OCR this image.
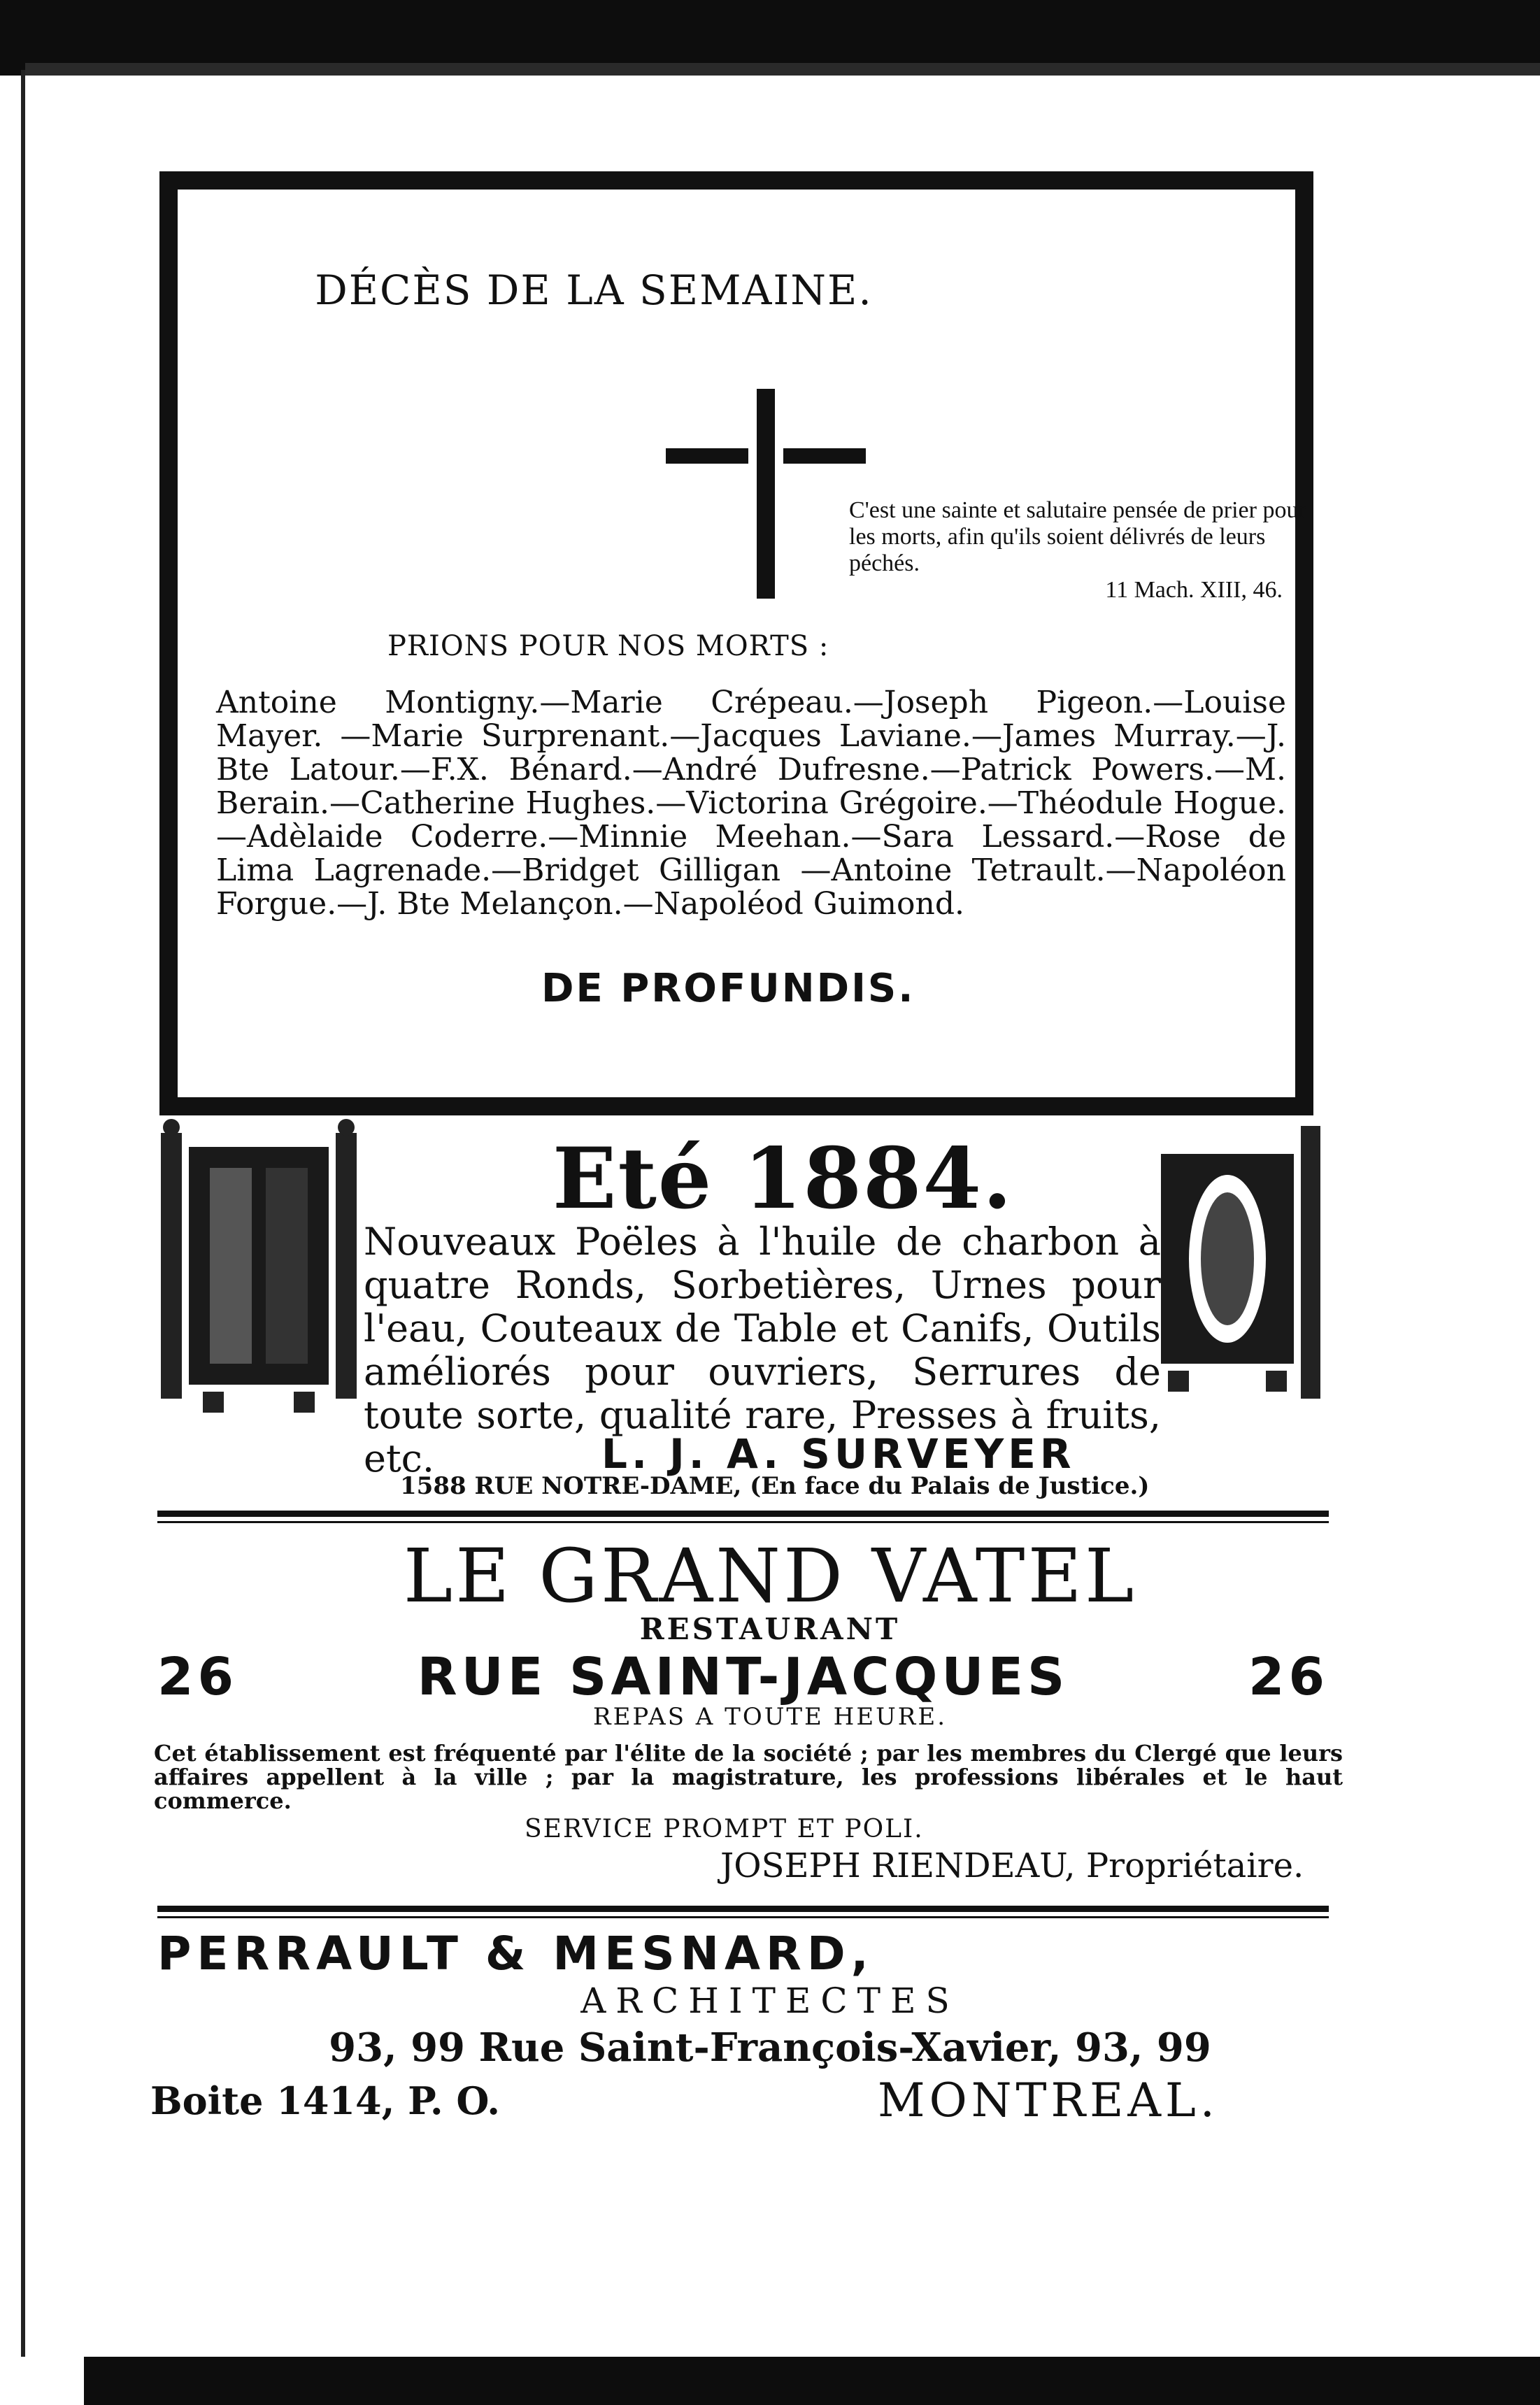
DÉCÈS DE LA SEMAINE.
C'est une sainte et salutaire pensée de prier pour les morts, afin qu'ils soient délivrés de leurs péchés.
11 Mach. XIII, 46.
PRIONS POUR NOS MORTS :
Antoine Montigny.—Marie Crépeau.—Joseph Pigeon.—Louise Mayer. —Marie Surprenant.—Jacques Laviane.—James Murray.—J. Bte Latour.—F.X. Bénard.—André Dufresne.—Patrick Powers.—M. Berain.—Catherine Hughes.—Victorina Grégoire.—Théodule Hogue.—Adèlaide Coderre.—Minnie Meehan.—Sara Lessard.—Rose de Lima Lagrenade.—Bridget Gilligan —Antoine Tetrault.—Napoléon Forgue.—J. Bte Melançon.—Napoléod Guimond.
DE PROFUNDIS.
Eté 1884.
Nouveaux Poëles à l'huile de charbon à quatre Ronds, Sorbetières, Urnes pour l'eau, Couteaux de Table et Canifs, Outils améliorés pour ouvriers, Serrures de toute sorte, qualité rare, Presses à fruits, etc.	L. J. A. SURVEYER
1588 RUE NOTRE-DAME, (En face du Palais de Justice.)
LE GRAND VATEL
RESTAURANT
26	RUE SAINT-JACQUES	26
REPAS A TOUTE HEURE.
Cet établissement est fréquenté par l'élite de la société ; par les membres du Clergé que leurs affaires appellent à la ville ; par la magistrature, les professions libérales et le haut commerce.
SERVICE PROMPT ET POLI.
JOSEPH RIENDEAU, Propriétaire.
PERRAULT & MESNARD,
ARCHITECTES
93, 99 Rue Saint-François-Xavier, 93, 99
Boite 1414, P. O.	MONTREAL.
